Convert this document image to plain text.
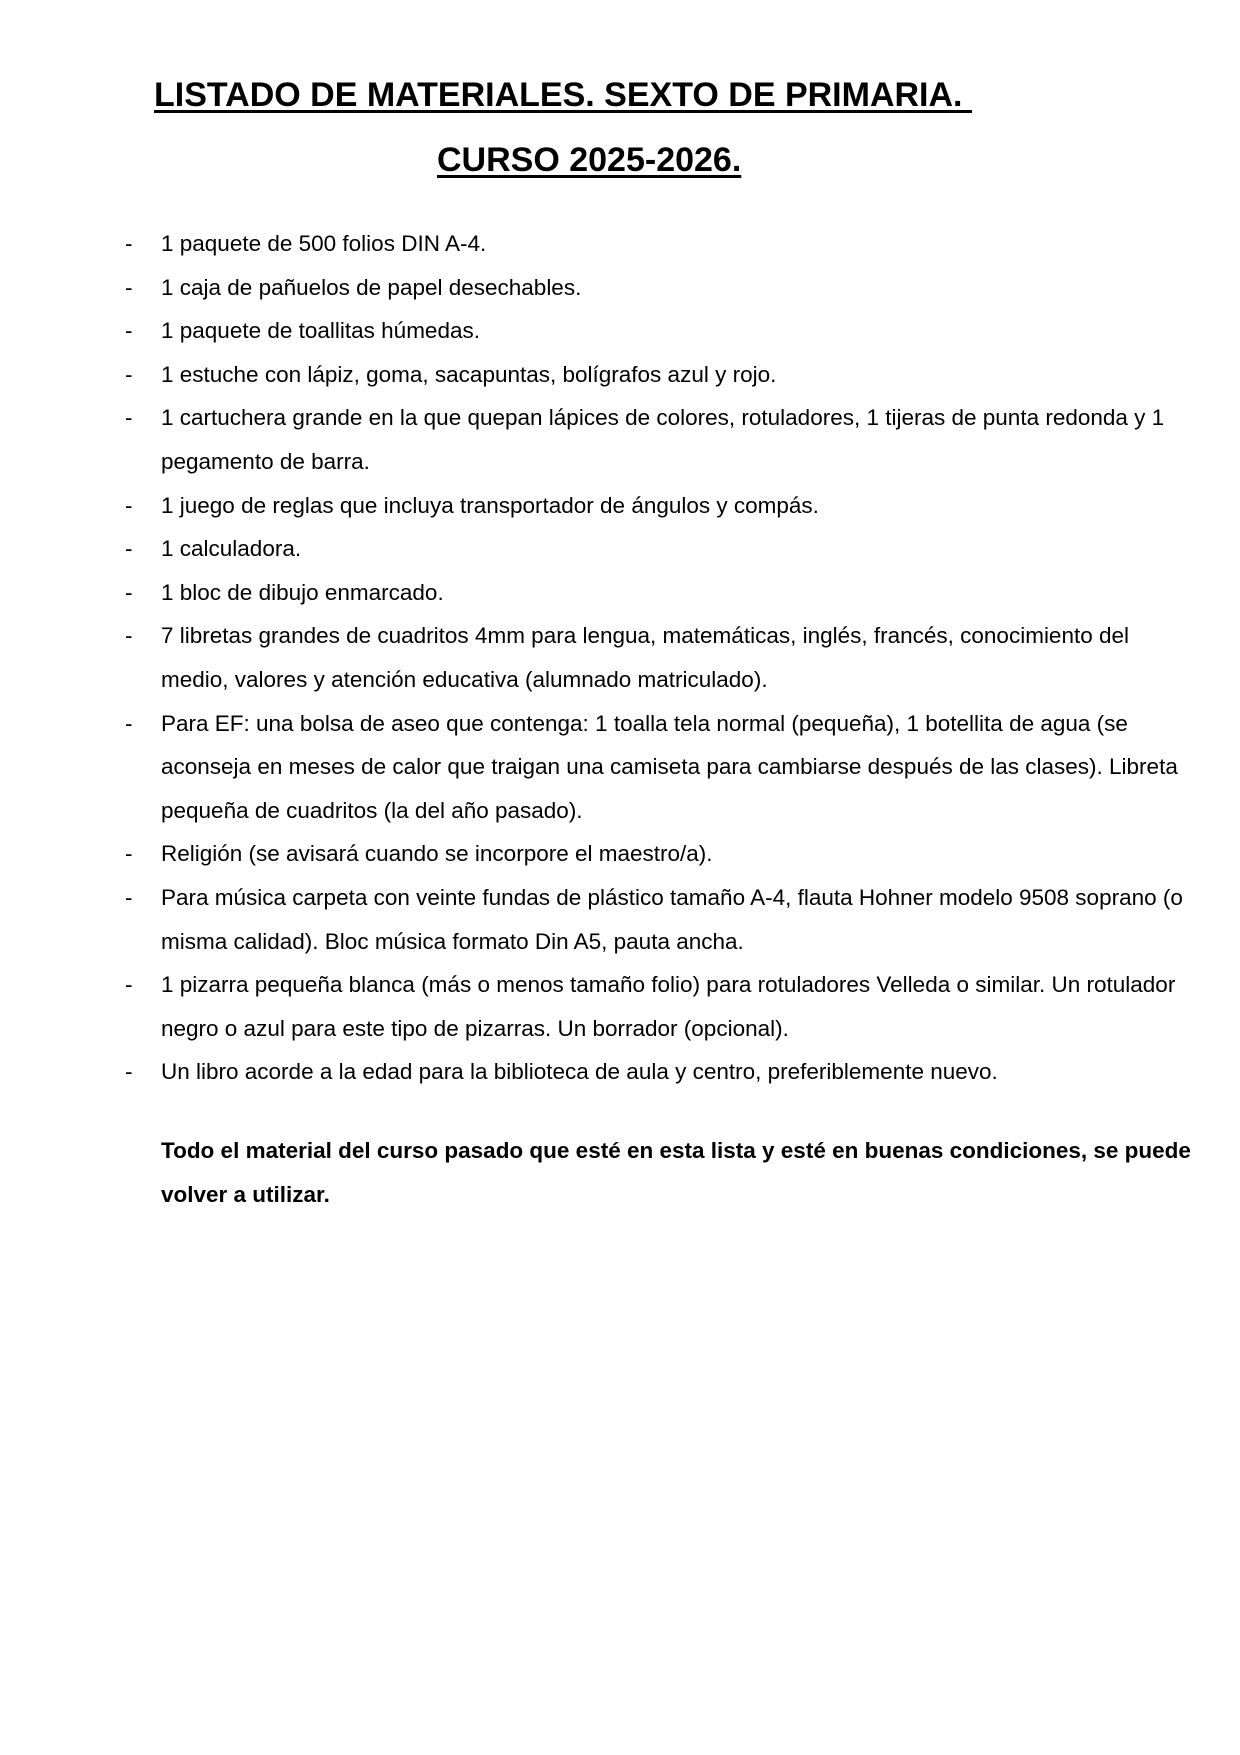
LISTADO DE MATERIALES. SEXTO DE PRIMARIA.
CURSO 2025-2026.
- 1 paquete de 500 folios DIN A-4.
- 1 caja de pañuelos de papel desechables.
- 1 paquete de toallitas húmedas.
- 1 estuche con lápiz, goma, sacapuntas, bolígrafos azul y rojo.
- 1 cartuchera grande en la que quepan lápices de colores, rotuladores, 1 tijeras de punta redonda y 1 pegamento de barra.
- 1 juego de reglas que incluya transportador de ángulos y compás.
- 1 calculadora.
- 1 bloc de dibujo enmarcado.
- 7 libretas grandes de cuadritos 4mm para lengua, matemáticas, inglés, francés, conocimiento del medio, valores y atención educativa (alumnado matriculado).
- Para EF: una bolsa de aseo que contenga: 1 toalla tela normal (pequeña), 1 botellita de agua (se aconseja en meses de calor que traigan una camiseta para cambiarse después de las clases). Libreta pequeña de cuadritos (la del año pasado).
- Religión (se avisará cuando se incorpore el maestro/a).
- Para música carpeta con veinte fundas de plástico tamaño A-4, flauta Hohner modelo 9508 soprano (o misma calidad). Bloc música formato Din A5, pauta ancha.
- 1 pizarra pequeña blanca (más o menos tamaño folio) para rotuladores Velleda o similar. Un rotulador negro o azul para este tipo de pizarras. Un borrador (opcional).
- Un libro acorde a la edad para la biblioteca de aula y centro, preferiblemente nuevo.
Todo el material del curso pasado que esté en esta lista y esté en buenas condiciones, se puede volver a utilizar.
